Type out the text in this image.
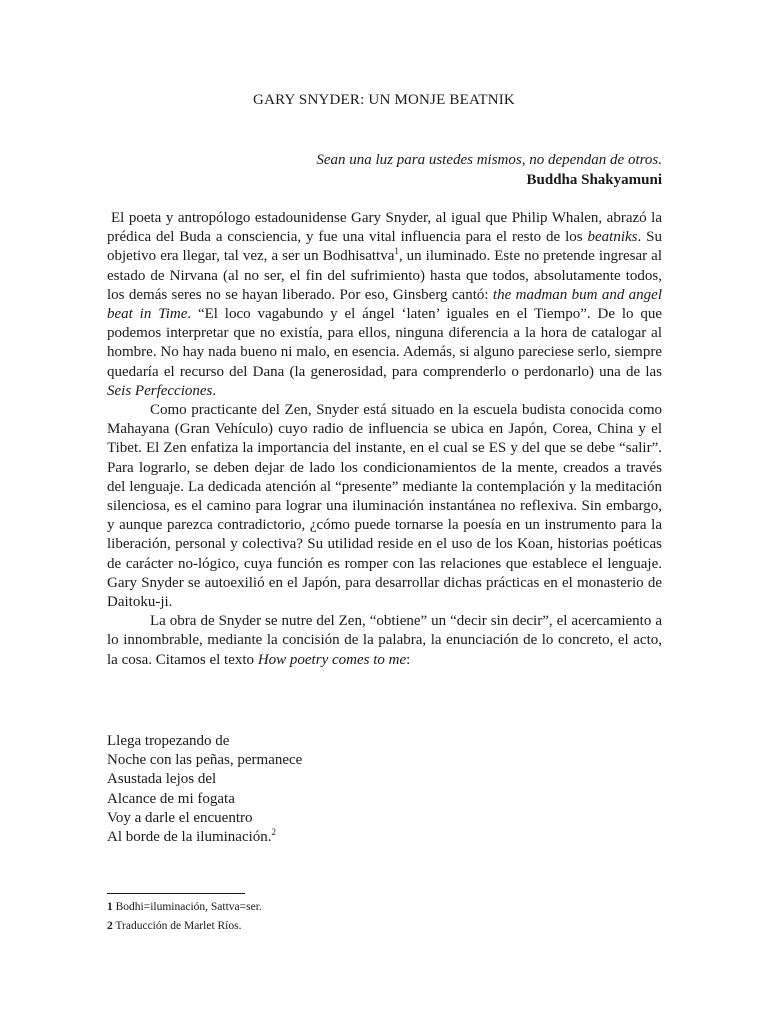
GARY SNYDER: UN MONJE BEATNIK
Sean una luz para ustedes mismos, no dependan de otros.
Buddha Shakyamuni

El poeta y antropólogo estadounidense Gary Snyder, al igual que Philip Whalen, abrazó la prédica del Buda a consciencia, y fue una vital influencia para el resto de los beatniks. Su objetivo era llegar, tal vez, a ser un Bodhisattva$^1$, un iluminado. Este no pretende ingresar al estado de Nirvana (al no ser, el fin del sufrimiento) hasta que todos, absolutamente todos, los demás seres no se hayan liberado. Por eso, Ginsberg cantó: the madman bum and angel beat in Time. “El loco vagabundo y el ángel ‘laten’ iguales en el Tiempo”. De lo que podemos interpretar que no existía, para ellos, ninguna diferencia a la hora de catalogar al hombre. No hay nada bueno ni malo, en esencia. Además, si alguno pareciese serlo, siempre quedaría el recurso del Dana (la generosidad, para comprenderlo o perdonarlo) una de las Seis Perfecciones.

Como practicante del Zen, Snyder está situado en la escuela budista conocida como Mahayana (Gran Vehículo) cuyo radio de influencia se ubica en Japón, Corea, China y el Tibet. El Zen enfatiza la importancia del instante, en el cual se ES y del que se debe “salir”. Para lograrlo, se deben dejar de lado los condicionamientos de la mente, creados a través del lenguaje. La dedicada atención al “presente” mediante la contemplación y la meditación silenciosa, es el camino para lograr una iluminación instantánea no reflexiva. Sin embargo, y aunque parezca contradictorio, ¿cómo puede tornarse la poesía en un instrumento para la liberación, personal y colectiva? Su utilidad reside en el uso de los Koan, historias poéticas de carácter no-lógico, cuya función es romper con las relaciones que establece el lenguaje. Gary Snyder se autoexilió en el Japón, para desarrollar dichas prácticas en el monasterio de Daitoku-ji.

La obra de Snyder se nutre del Zen, “obtiene” un “decir sin decir”, el acercamiento a lo innombrable, mediante la concisión de la palabra, la enunciación de lo concreto, el acto, la cosa. Citamos el texto How poetry comes to me:

Llega tropezando de
Noche con las peñas, permanece
Asustada lejos del
Alcance de mi fogata
Voy a darle el encuentro
Al borde de la iluminación.$^2$
1 Bodhi=iluminación, Sattva=ser.
2 Traducción de Marlet Ríos.
